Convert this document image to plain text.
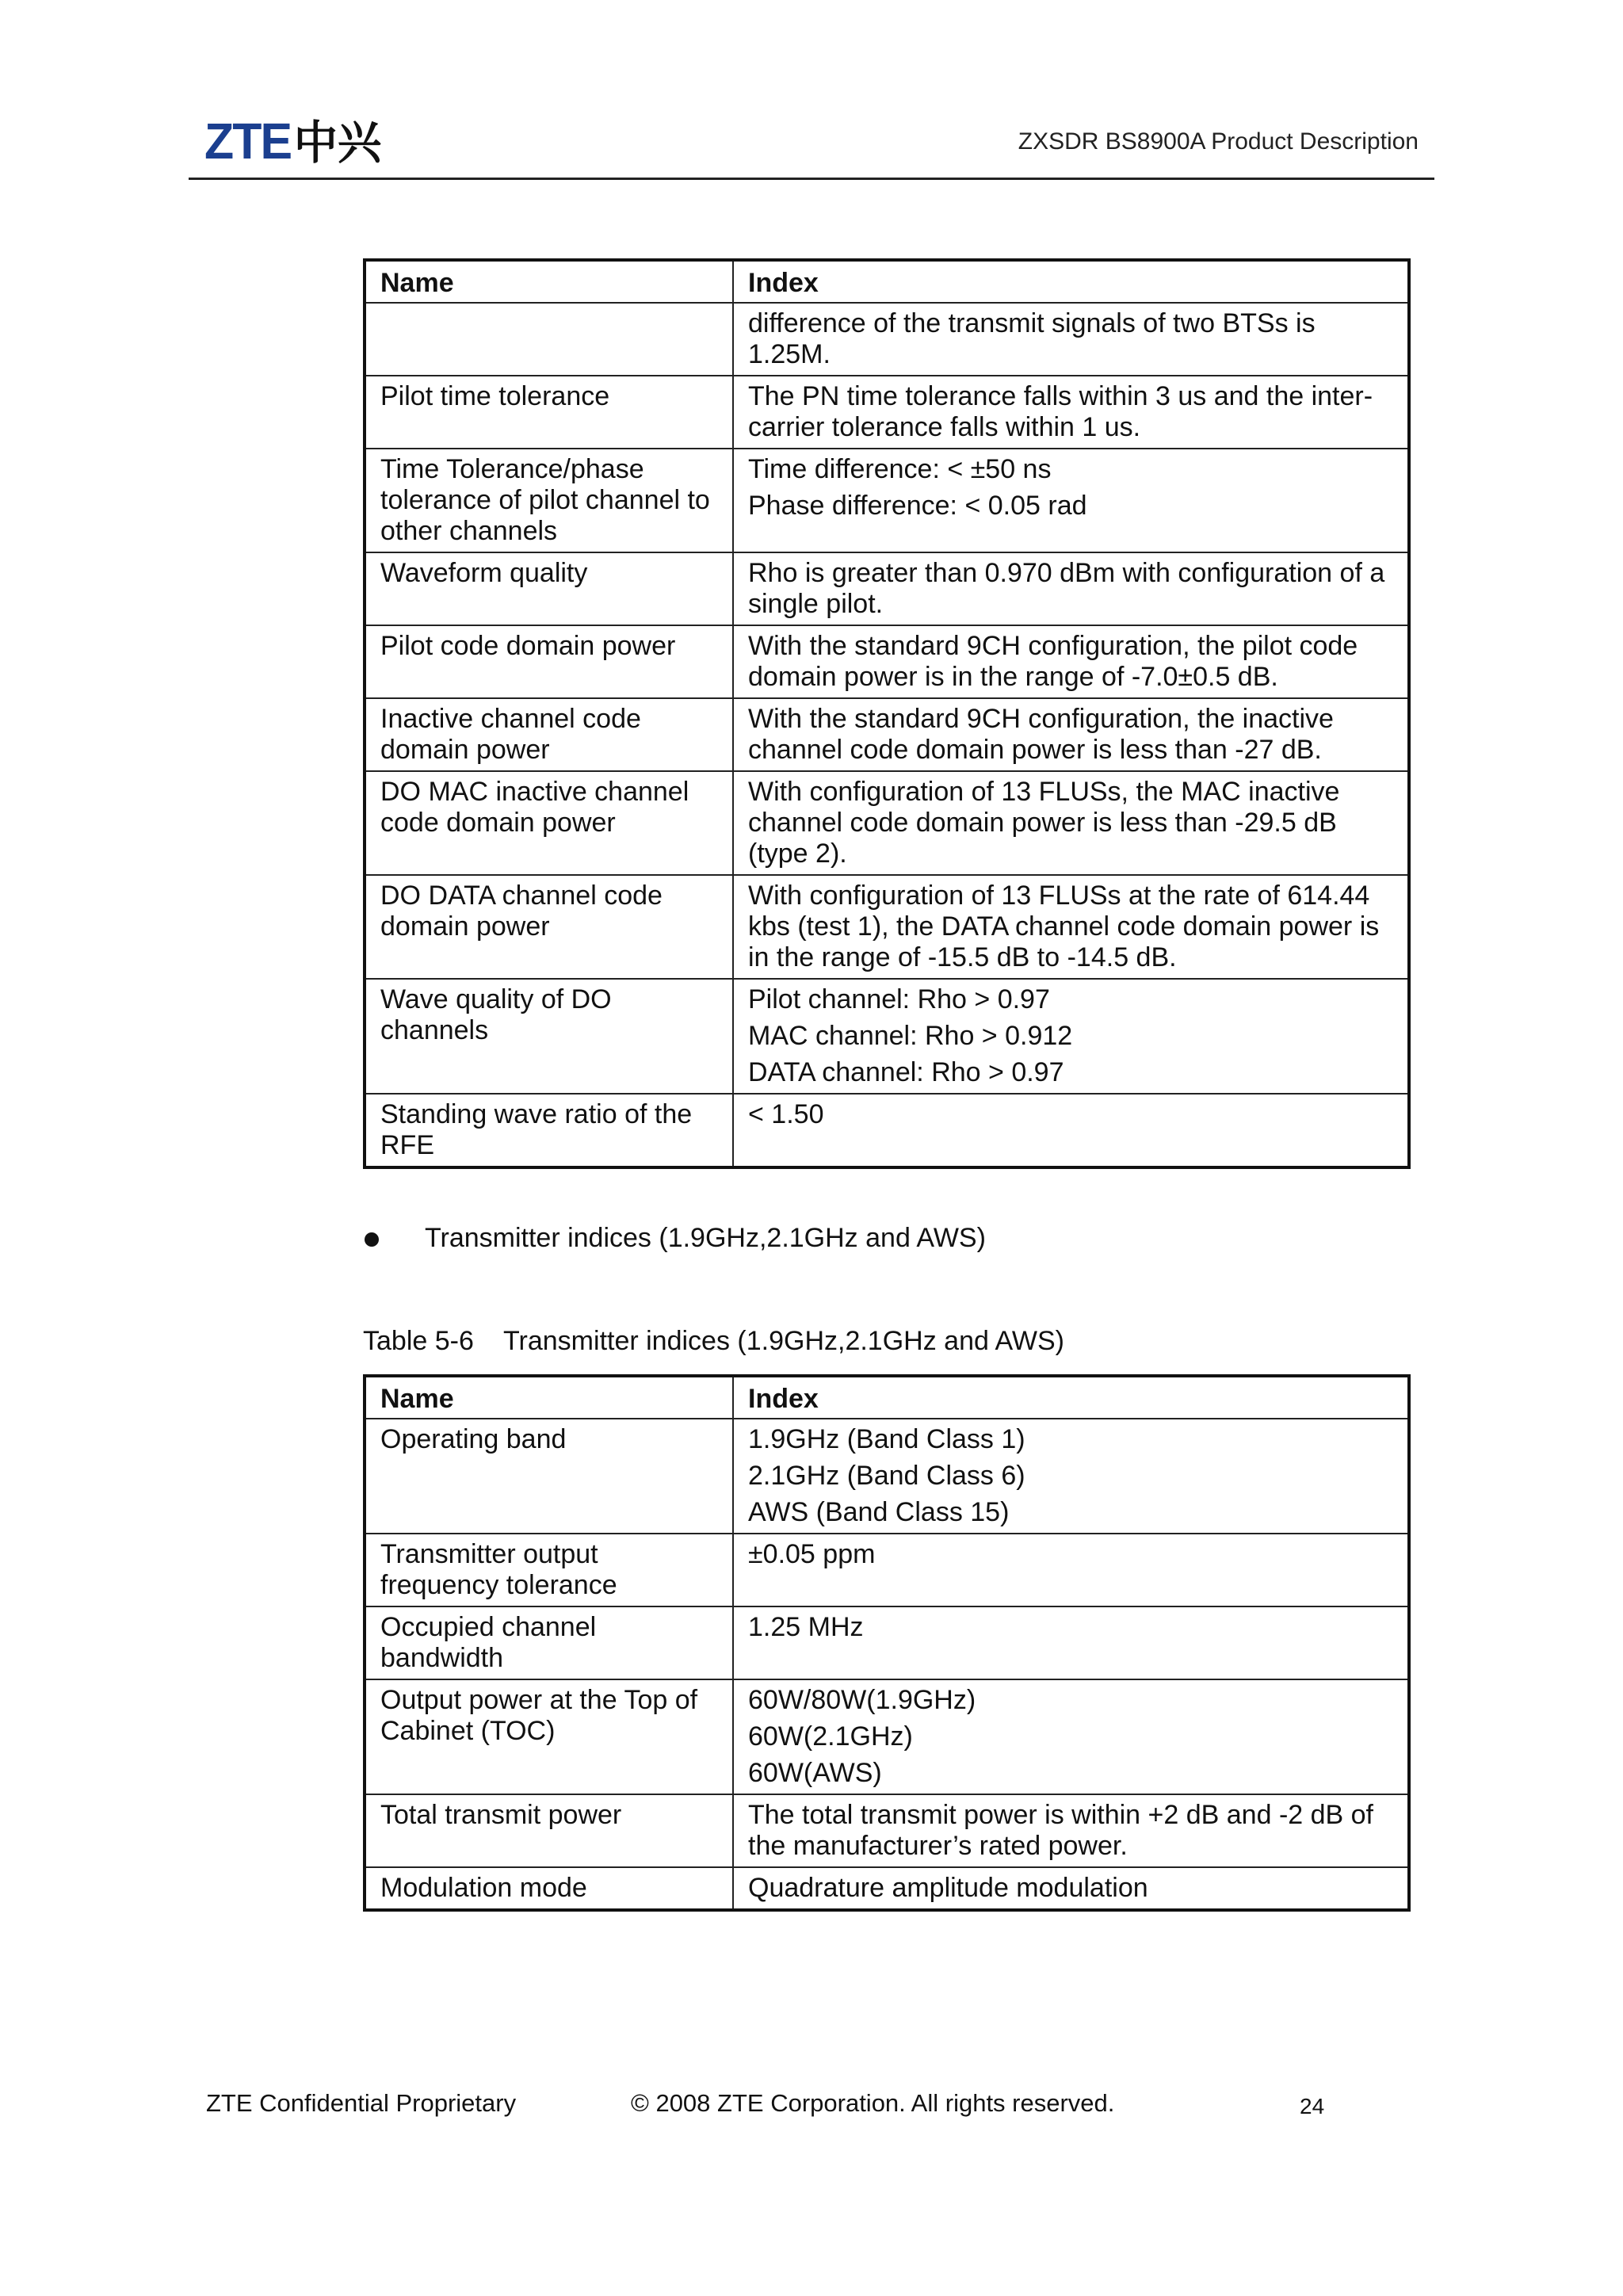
ZTE中兴	ZXSDR BS8900A Product Description
Name	Index

	difference of the transmit signals of two BTSs is 1.25M.

Pilot time tolerance	The PN time tolerance falls within 3 us and the inter-carrier tolerance falls within 1 us.

Time Tolerance/phase tolerance of pilot channel to other channels	Time difference: < ±50 ns

Phase difference: < 0.05 rad

Waveform quality	Rho is greater than 0.970 dBm with configuration of a single pilot.

Pilot code domain power	With the standard 9CH configuration, the pilot code domain power is in the range of -7.0±0.5 dB.

Inactive channel code domain power	With the standard 9CH configuration, the inactive channel code domain power is less than -27 dB.

DO MAC inactive channel code domain power	With configuration of 13 FLUSs, the MAC inactive channel code domain power is less than -29.5 dB (type 2).

DO DATA channel code domain power	With configuration of 13 FLUSs at the rate of 614.44 kbs (test 1), the DATA channel code domain power is in the range of -15.5 dB to -14.5 dB.

Wave quality of DO channels	Pilot channel: Rho > 0.97

MAC channel: Rho > 0.912

DATA channel: Rho > 0.97

Standing wave ratio of the RFE	< 1.50

Transmitter indices (1.9GHz,2.1GHz and AWS)
Table 5-6    Transmitter indices (1.9GHz,2.1GHz and AWS)
Name	Index
Operating band	1.9GHz (Band Class 1)

2.1GHz (Band Class 6)

AWS (Band Class 15)

Transmitter output frequency tolerance	±0.05 ppm

Occupied channel bandwidth	1.25 MHz

Output power at the Top of Cabinet (TOC)	60W/80W(1.9GHz)

60W(2.1GHz)

60W(AWS)

Total transmit power	The total transmit power is within +2 dB and -2 dB of the manufacturer’s rated power.

Modulation mode	Quadrature amplitude modulation

ZTE Confidential Proprietary	© 2008 ZTE Corporation. All rights reserved.	24
